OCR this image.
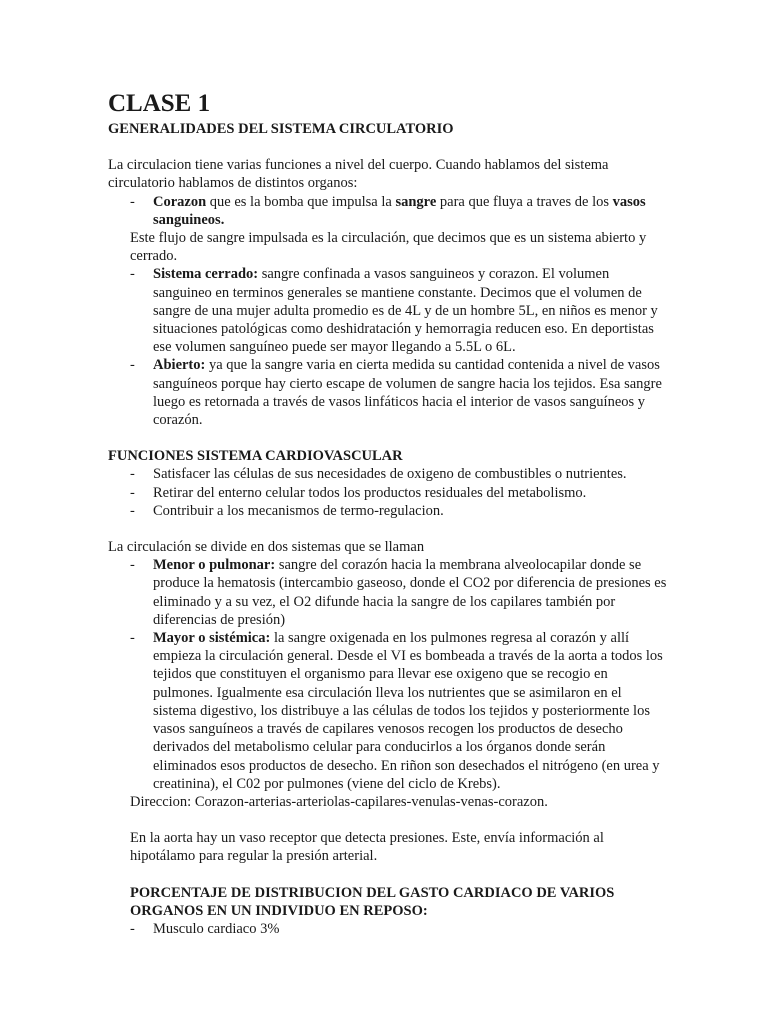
CLASE 1
GENERALIDADES DEL SISTEMA CIRCULATORIO

La circulacion tiene varias funciones a nivel del cuerpo. Cuando hablamos del sistema circulatorio hablamos de distintos organos:

- Corazon que es la bomba que impulsa la sangre para que fluya a traves de los vasos sanguineos.

Este flujo de sangre impulsada es la circulación, que decimos que es un sistema abierto y cerrado.

- Sistema cerrado: sangre confinada a vasos sanguineos y corazon. El volumen sanguineo en terminos generales se mantiene constante. Decimos que el volumen de sangre de una mujer adulta promedio es de 4L y de un hombre 5L, en niños es menor y situaciones patológicas como deshidratación y hemorragia reducen eso. En deportistas ese volumen sanguíneo puede ser mayor llegando a 5.5L o 6L.
- Abierto: ya que la sangre varia en cierta medida su cantidad contenida a nivel de vasos sanguíneos porque hay cierto escape de volumen de sangre hacia los tejidos. Esa sangre luego es retornada a través de vasos linfáticos hacia el interior de vasos sanguíneos y corazón.
FUNCIONES SISTEMA CARDIOVASCULAR
- Satisfacer las células de sus necesidades de oxigeno de combustibles o nutrientes.
- Retirar del enterno celular todos los productos residuales del metabolismo.
- Contribuir a los mecanismos de termo-regulacion.

La circulación se divide en dos sistemas que se llaman

- Menor o pulmonar: sangre del corazón hacia la membrana alveolocapilar donde se produce la hematosis (intercambio gaseoso, donde el CO2 por diferencia de presiones es eliminado y a su vez, el O2 difunde hacia la sangre de los capilares también por diferencias de presión)
- Mayor o sistémica: la sangre oxigenada en los pulmones regresa al corazón y allí empieza la circulación general. Desde el VI es bombeada a través de la aorta a todos los tejidos que constituyen el organismo para llevar ese oxigeno que se recogio en pulmones. Igualmente esa circulación lleva los nutrientes que se asimilaron en el sistema digestivo, los distribuye a las células de todos los tejidos y posteriormente los vasos sanguíneos a través de capilares venosos recogen los productos de desecho derivados del metabolismo celular para conducirlos a los órganos donde serán eliminados esos productos de desecho. En riñon son desechados el nitrógeno (en urea y creatinina), el C02 por pulmones (viene del ciclo de Krebs).

Direccion: Corazon-arterias-arteriolas-capilares-venulas-venas-corazon.

En la aorta hay un vaso receptor que detecta presiones. Este, envía información al hipotálamo para regular la presión arterial.

PORCENTAJE DE DISTRIBUCION DEL GASTO CARDIACO DE VARIOS ORGANOS EN UN INDIVIDUO EN REPOSO:
- Musculo cardiaco 3%
